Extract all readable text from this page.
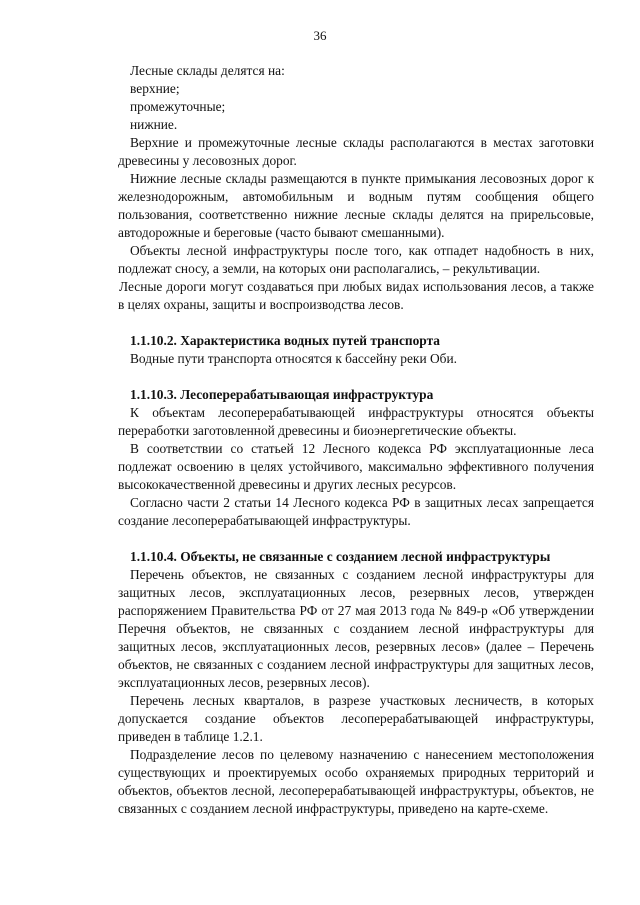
36
Лесные склады делятся на:
верхние;
промежуточные;
нижние.

Верхние и промежуточные лесные склады располагаются в местах заготовки древесины у лесовозных дорог.

Нижние лесные склады размещаются в пункте примыкания лесовозных дорог к железнодорожным, автомобильным и водным путям сообщения общего пользования, соответственно нижние лесные склады делятся на прирельсовые, автодорожные и береговые (часто бывают смешанными).

Объекты лесной инфраструктуры после того, как отпадет надобность в них, подлежат сносу, а земли, на которых они располагались, – рекультивации.

Лесные дороги могут создаваться при любых видах использования лесов, а также в целях охраны, защиты и воспроизводства лесов.

1.1.10.2. Характеристика водных путей транспорта

Водные пути транспорта относятся к бассейну реки Оби.

1.1.10.3. Лесоперерабатывающая инфраструктура

К объектам лесоперерабатывающей инфраструктуры относятся объекты переработки заготовленной древесины и биоэнергетические объекты.

В соответствии со статьей 12 Лесного кодекса РФ эксплуатационные леса подлежат освоению в целях устойчивого, максимально эффективного получения высококачественной древесины и других лесных ресурсов.

Согласно части 2 статьи 14 Лесного кодекса РФ в защитных лесах запрещается создание лесоперерабатывающей инфраструктуры.

1.1.10.4. Объекты, не связанные с созданием лесной инфраструктуры

Перечень объектов, не связанных с созданием лесной инфраструктуры для защитных лесов, эксплуатационных лесов, резервных лесов, утвержден распоряжением Правительства РФ от 27 мая 2013 года № 849-р «Об утверждении Перечня объектов, не связанных с созданием лесной инфраструктуры для защитных лесов, эксплуатационных лесов, резервных лесов» (далее – Перечень объектов, не связанных с созданием лесной инфраструктуры для защитных лесов, эксплуатационных лесов, резервных лесов).

Перечень лесных кварталов, в разрезе участковых лесничеств, в которых допускается создание объектов лесоперерабатывающей инфраструктуры, приведен в таблице 1.2.1.

Подразделение лесов по целевому назначению с нанесением местоположения существующих и проектируемых особо охраняемых природных территорий и объектов, объектов лесной, лесоперерабатывающей инфраструктуры, объектов, не связанных с созданием лесной инфраструктуры, приведено на карте-схеме.
